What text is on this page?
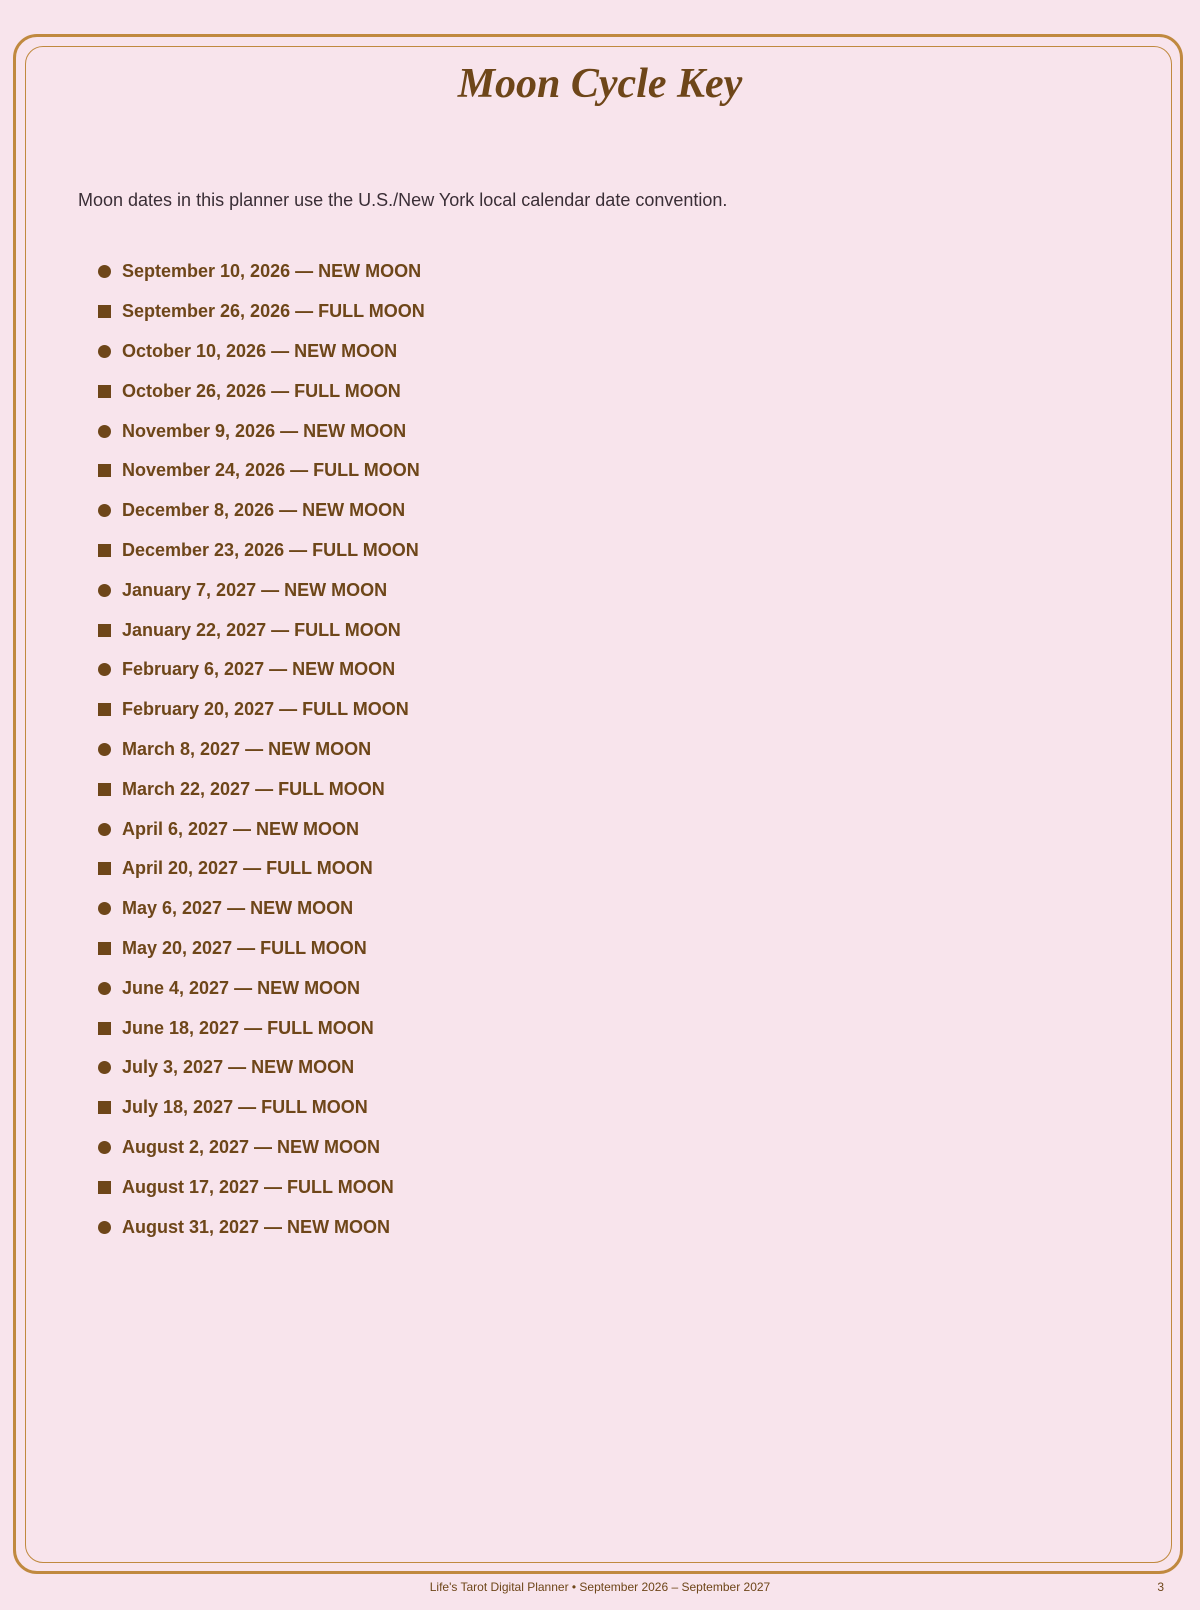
Moon Cycle Key

Moon dates in this planner use the U.S./New York local calendar date convention.

September 10, 2026 — NEW MOON
September 26, 2026 — FULL MOON
October 10, 2026 — NEW MOON
October 26, 2026 — FULL MOON
November 9, 2026 — NEW MOON
November 24, 2026 — FULL MOON
December 8, 2026 — NEW MOON
December 23, 2026 — FULL MOON
January 7, 2027 — NEW MOON
January 22, 2027 — FULL MOON
February 6, 2027 — NEW MOON
February 20, 2027 — FULL MOON
March 8, 2027 — NEW MOON
March 22, 2027 — FULL MOON
April 6, 2027 — NEW MOON
April 20, 2027 — FULL MOON
May 6, 2027 — NEW MOON
May 20, 2027 — FULL MOON
June 4, 2027 — NEW MOON
June 18, 2027 — FULL MOON
July 3, 2027 — NEW MOON
July 18, 2027 — FULL MOON
August 2, 2027 — NEW MOON
August 17, 2027 — FULL MOON
August 31, 2027 — NEW MOON
Life's Tarot Digital Planner • September 2026 – September 2027	3
